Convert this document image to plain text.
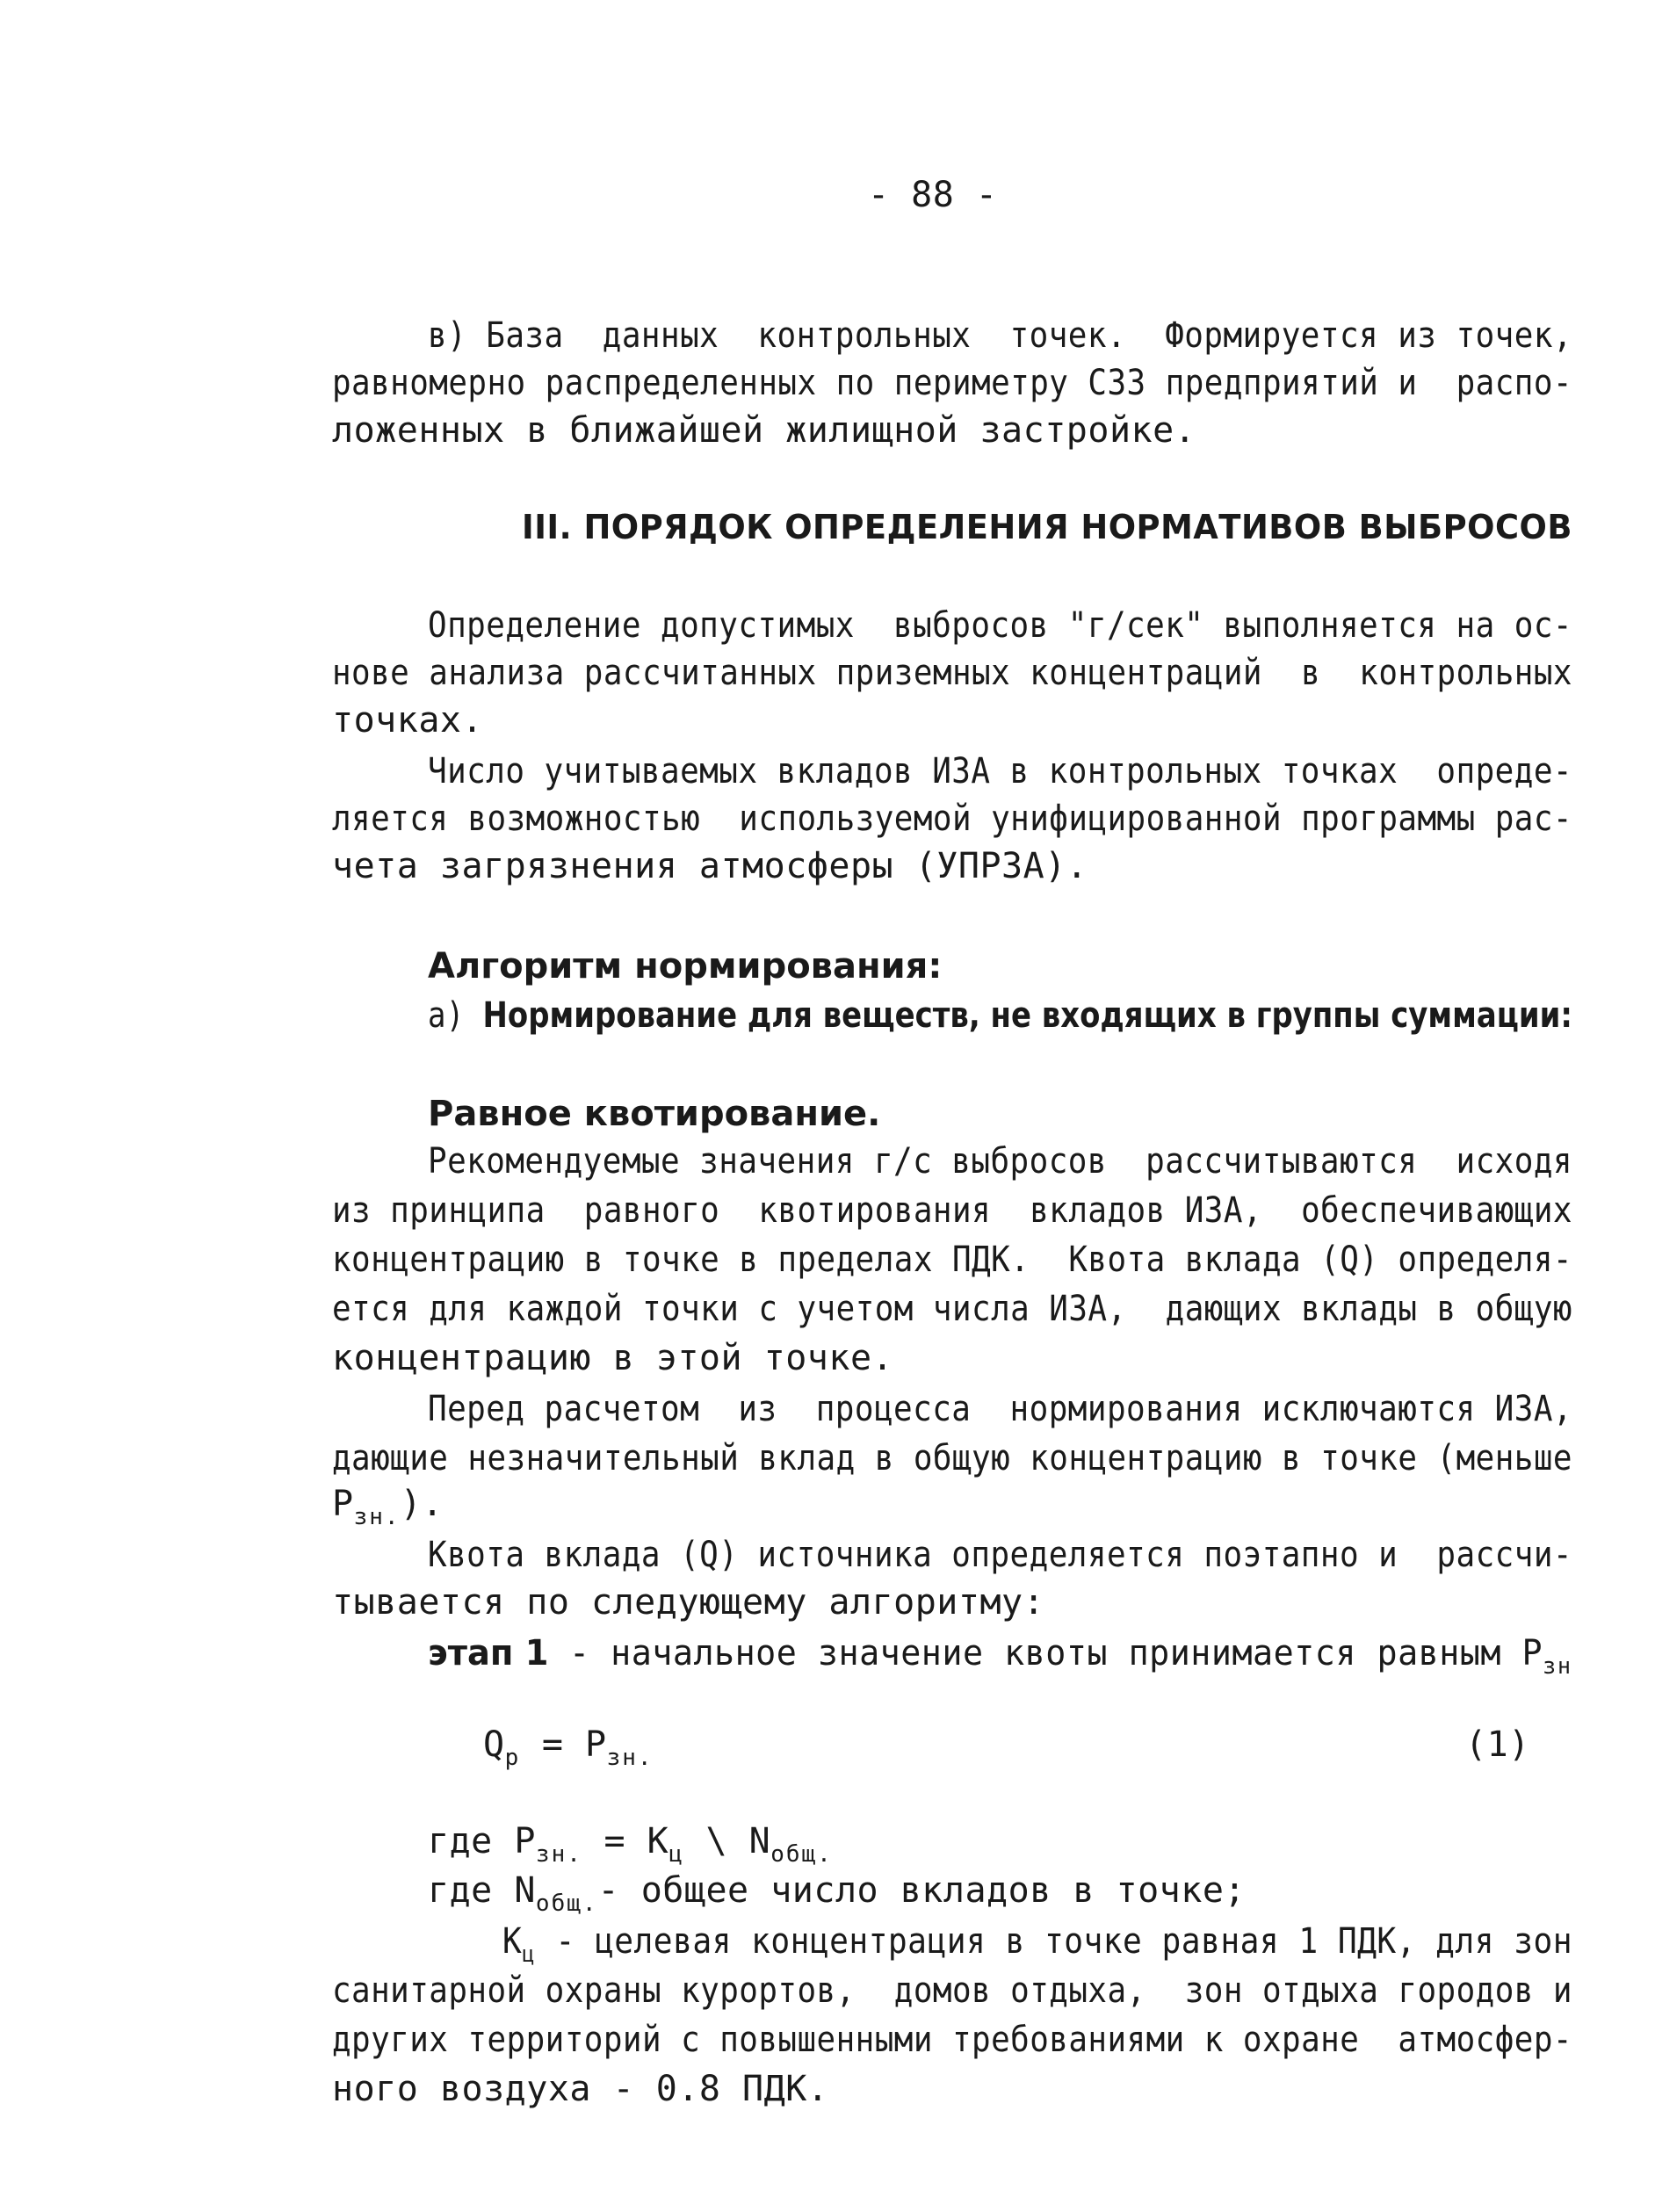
- 88 -
в) База  данных  контрольных  точек.  Формируется из точек,
равномерно распределенных по периметру СЗЗ предприятий и  распо-
ложенных в ближайшей жилищной застройке.
III. ПОРЯДОК ОПРЕДЕЛЕНИЯ НОРМАТИВОВ ВЫБРОСОВ
Определение допустимых  выбросов "г/сек" выполняется на ос-
нове анализа рассчитанных приземных концентраций  в  контрольных
точках.
Число учитываемых вкладов ИЗА в контрольных точках  опреде-
ляется возможностью  используемой унифицированной программы рас-
чета загрязнения атмосферы (УПРЗА).
Алгоритм нормирования:
а) Нормирование для веществ, не входящих в группы суммации:
Равное квотирование.
Рекомендуемые значения г/с выбросов  рассчитываются  исходя
из принципа  равного  квотирования  вкладов ИЗА,  обеспечивающих
концентрацию в точке в пределах ПДК.  Квота вклада (Q) определя-
ется для каждой точки с учетом числа ИЗА,  дающих вклады в общую
концентрацию в этой точке.
Перед расчетом  из  процесса  нормирования исключаются ИЗА,
дающие незначительный вклад в общую концентрацию в точке (меньше
$P_{зн.}$).
Квота вклада (Q) источника определяется поэтапно и  рассчи-
тывается по следующему алгоритму:
этап 1 - начальное значение квоты принимается равным $P_{зн}$
$Q_р = P_{зн.}$	(1)
где $P_{зн.} = K_ц$ \ $N_{общ.}$
где $N_{общ.}-$ общее число вкладов в точке;
$K_ц$ - целевая концентрация в точке равная 1 ПДК, для зон
санитарной охраны курортов,  домов отдыха,  зон отдыха городов и
других территорий с повышенными требованиями к охране  атмосфер-
ного воздуха - 0.8 ПДК.
